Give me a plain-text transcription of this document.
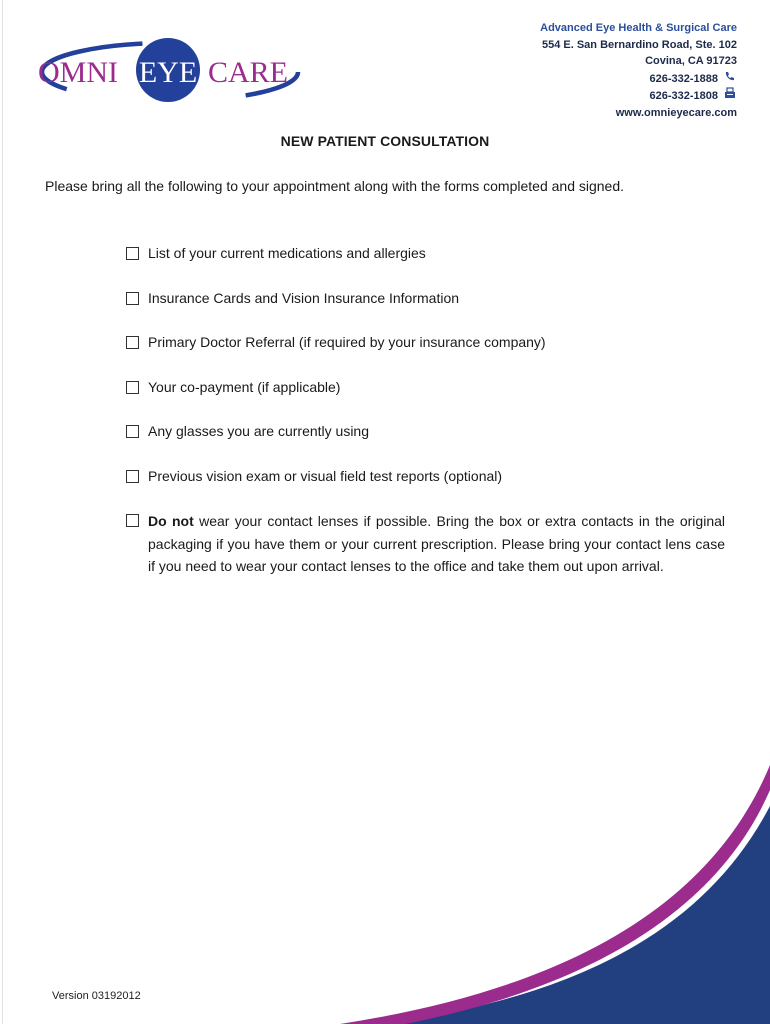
OMNI EYE CARE
Advanced Eye Health & Surgical Care
554 E. San Bernardino Road, Ste. 102
Covina, CA 91723
626-332-1888
626-332-1808
www.omnieyecare.com
NEW PATIENT CONSULTATION
Please bring all the following to your appointment along with the forms completed and signed.
List of your current medications and allergies
Insurance Cards and Vision Insurance Information
Primary Doctor Referral (if required by your insurance company)
Your co-payment (if applicable)
Any glasses you are currently using
Previous vision exam or visual field test reports (optional)
Do not wear your contact lenses if possible. Bring the box or extra contacts in the original packaging if you have them or your current prescription. Please bring your contact lens case if you need to wear your contact lenses to the office and take them out upon arrival.
Version 03192012
